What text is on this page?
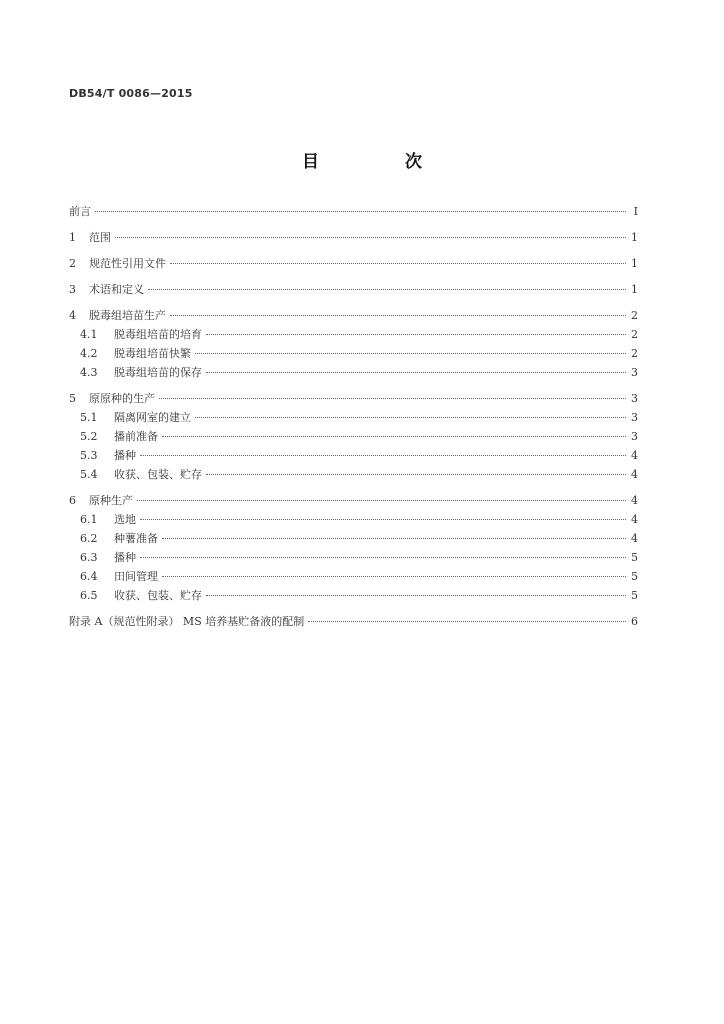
DB54/T 0086—2015
目 次
前言	Ⅰ
1	范围	1
2	规范性引用文件	1
3	术语和定义	1
4	脱毒组培苗生产	2
4.1	脱毒组培苗的培育	2
4.2	脱毒组培苗快繁	2
4.3	脱毒组培苗的保存	3
5	原原种的生产	3
5.1	隔离网室的建立	3
5.2	播前准备	3
5.3	播种	4
5.4	收获、包装、贮存	4
6	原种生产	4
6.1	选地	4
6.2	种薯准备	4
6.3	播种	5
6.4	田间管理	5
6.5	收获、包装、贮存	5
附录 A（规范性附录） MS 培养基贮备液的配制	6
